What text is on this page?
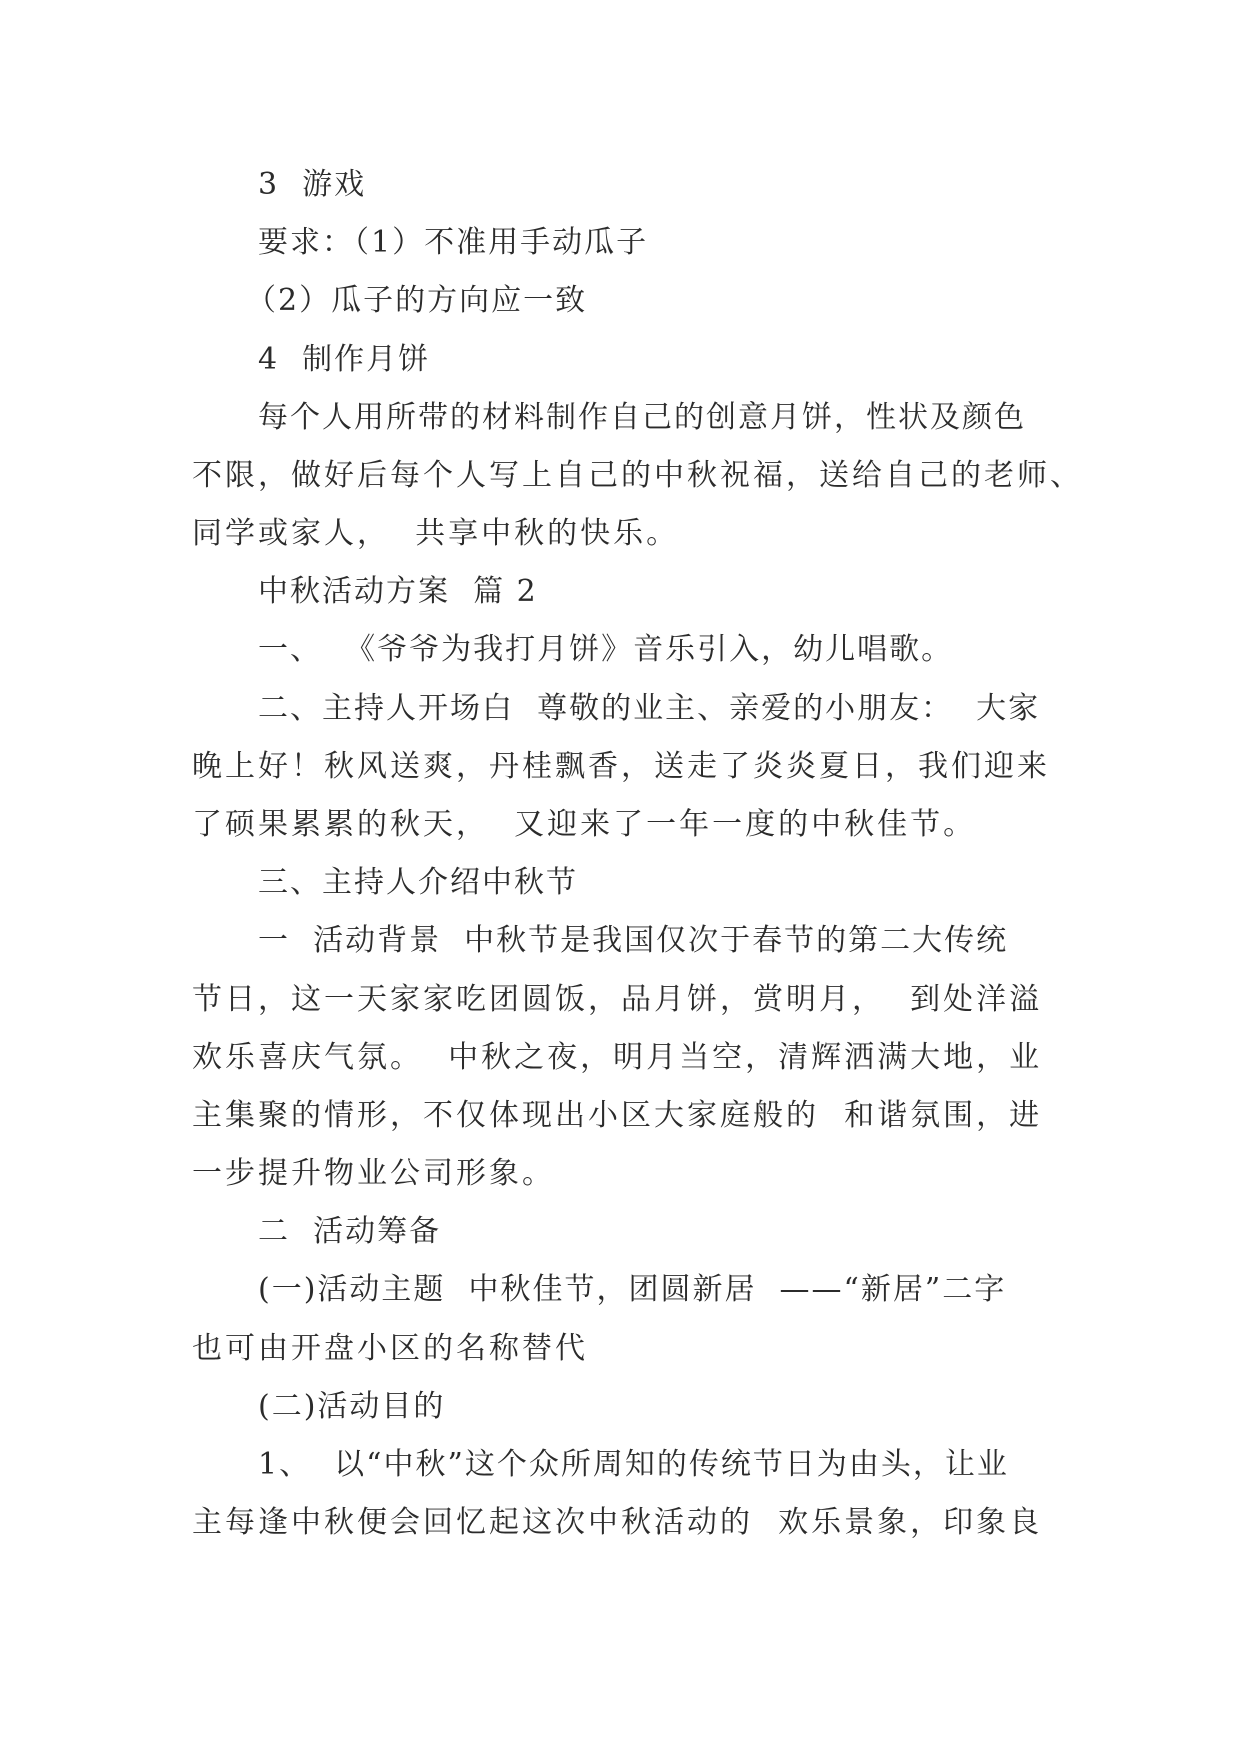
3  游戏

要求：（1）不准用手动瓜子

（2）瓜子的方向应一致

4  制作月饼

每个人用所带的材料制作自己的创意月饼，性状及颜色

不限，做好后每个人写上自己的中秋祝福，送给自己的老师、

同学或家人，  共享中秋的快乐。

中秋活动方案  篇 2

一、  《爷爷为我打月饼》音乐引入，幼儿唱歌。

二、主持人开场白  尊敬的业主、亲爱的小朋友：  大家

晚上好！秋风送爽，丹桂飘香，送走了炎炎夏日，我们迎来

了硕果累累的秋天，  又迎来了一年一度的中秋佳节。

三、主持人介绍中秋节

一  活动背景  中秋节是我国仅次于春节的第二大传统

节日，这一天家家吃团圆饭，品月饼，赏明月，  到处洋溢

欢乐喜庆气氛。  中秋之夜，明月当空，清辉洒满大地，业

主集聚的情形，不仅体现出小区大家庭般的  和谐氛围，进

一步提升物业公司形象。

二  活动筹备

(一)活动主题  中秋佳节，团圆新居  ——“新居”二字

也可由开盘小区的名称替代

(二)活动目的

1、  以“中秋”这个众所周知的传统节日为由头，让业

主每逢中秋便会回忆起这次中秋活动的  欢乐景象，印象良
